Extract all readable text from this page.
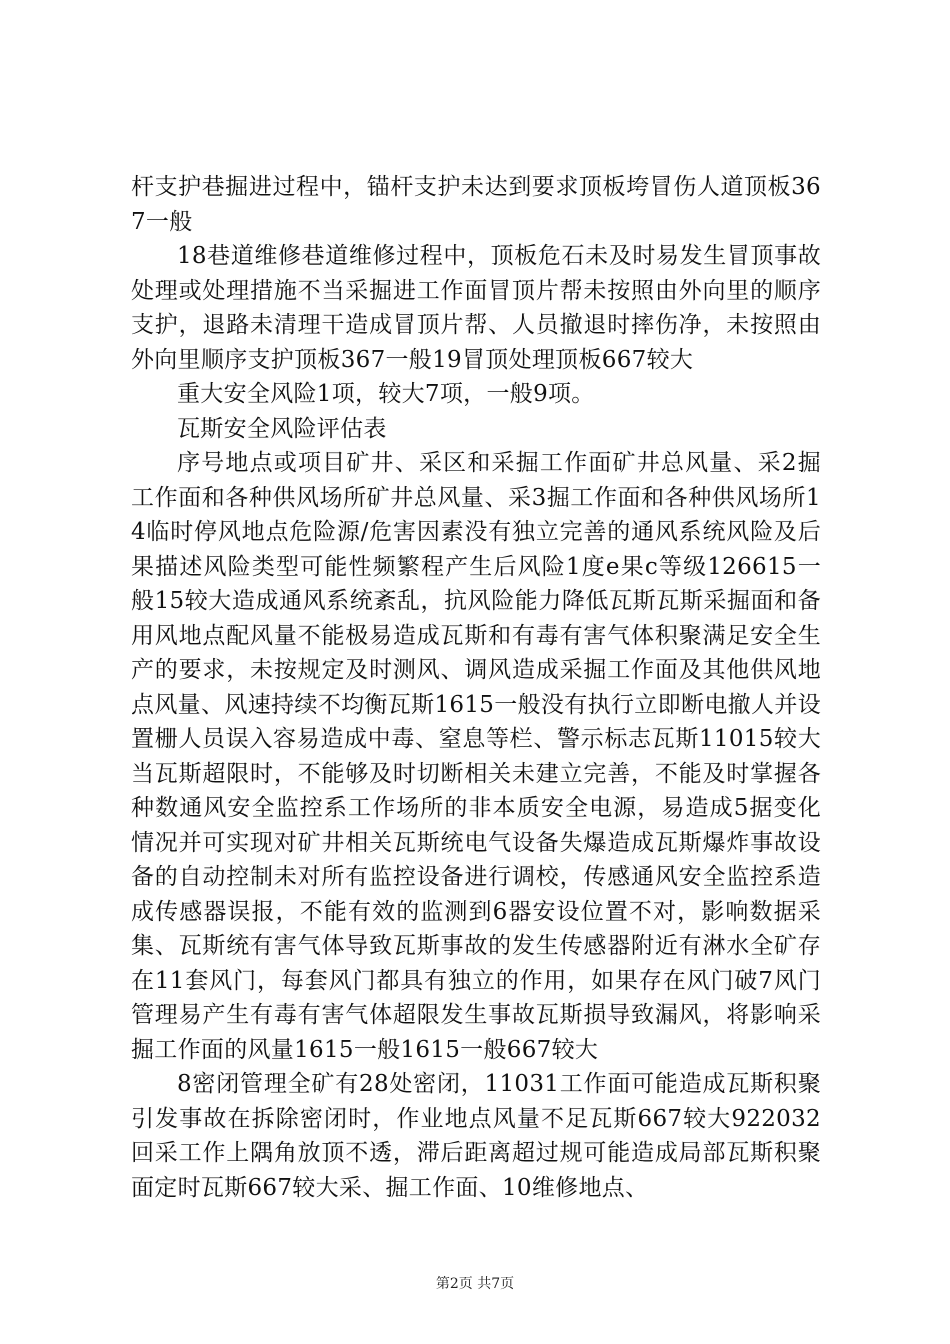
杆支护巷掘进过程中，锚杆支护未达到要求顶板垮冒伤人道顶板367一般

18巷道维修巷道维修过程中，顶板危石未及时易发生冒顶事故处理或处理措施不当采掘进工作面冒顶片帮未按照由外向里的顺序支护，退路未清理干造成冒顶片帮、人员撤退时摔伤净，未按照由外向里顺序支护顶板367一般19冒顶处理顶板667较大

重大安全风险1项，较大7项，一般9项。

瓦斯安全风险评估表

序号地点或项目矿井、采区和采掘工作面矿井总风量、采2掘工作面和各种供风场所矿井总风量、采3掘工作面和各种供风场所14临时停风地点危险源/危害因素没有独立完善的通风系统风险及后果描述风险类型可能性频繁程产生后风险1度e果c等级126615一般15较大造成通风系统紊乱，抗风险能力降低瓦斯瓦斯采掘面和备用风地点配风量不能极易造成瓦斯和有毒有害气体积聚满足安全生产的要求，未按规定及时测风、调风造成采掘工作面及其他供风地点风量、风速持续不均衡瓦斯1615一般没有执行立即断电撤人并设置栅人员误入容易造成中毒、窒息等栏、警示标志瓦斯11015较大当瓦斯超限时，不能够及时切断相关未建立完善，不能及时掌握各种数通风安全监控系工作场所的非本质安全电源，易造成5据变化情况并可实现对矿井相关瓦斯统电气设备失爆造成瓦斯爆炸事故设备的自动控制未对所有监控设备进行调校，传感通风安全监控系造成传感器误报，不能有效的监测到6器安设位置不对，影响数据采集、瓦斯统有害气体导致瓦斯事故的发生传感器附近有淋水全矿存在11套风门，每套风门都具有独立的作用，如果存在风门破7风门管理易产生有毒有害气体超限发生事故瓦斯损导致漏风，将影响采掘工作面的风量1615一般1615一般667较大

8密闭管理全矿有28处密闭，11031工作面可能造成瓦斯积聚引发事故在拆除密闭时，作业地点风量不足瓦斯667较大922032回采工作上隅角放顶不透，滞后距离超过规可能造成局部瓦斯积聚面定时瓦斯667较大采、掘工作面、10维修地点、

第2页 共7页
